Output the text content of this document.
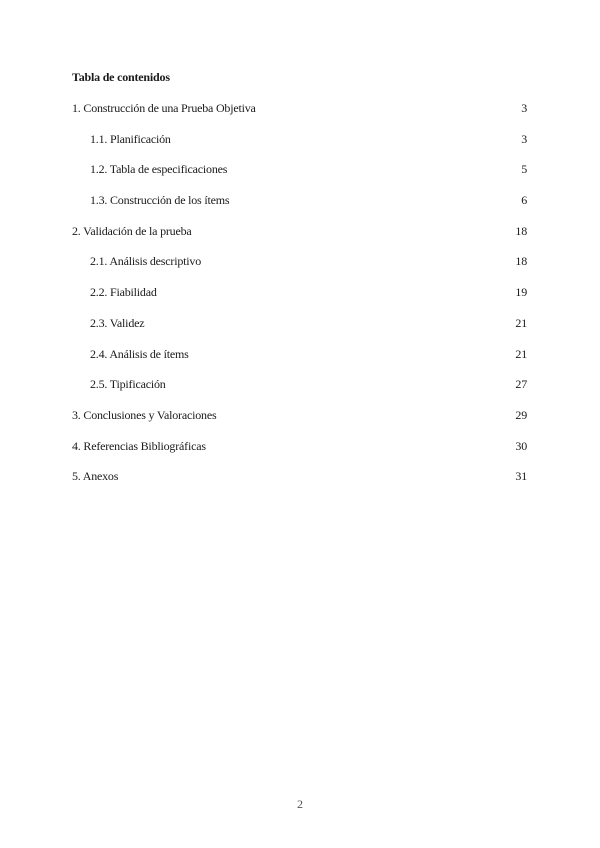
Tabla de contenidos
1. Construcción de una Prueba Objetiva	3
1.1. Planificación	3
1.2. Tabla de especificaciones	5
1.3. Construcción de los ítems	6
2. Validación de la prueba	18
2.1. Análisis descriptivo	18
2.2. Fiabilidad	19
2.3. Validez	21
2.4. Análisis de ítems	21
2.5. Tipificación	27
3. Conclusiones y Valoraciones	29
4. Referencias Bibliográficas	30
5. Anexos	31
2
